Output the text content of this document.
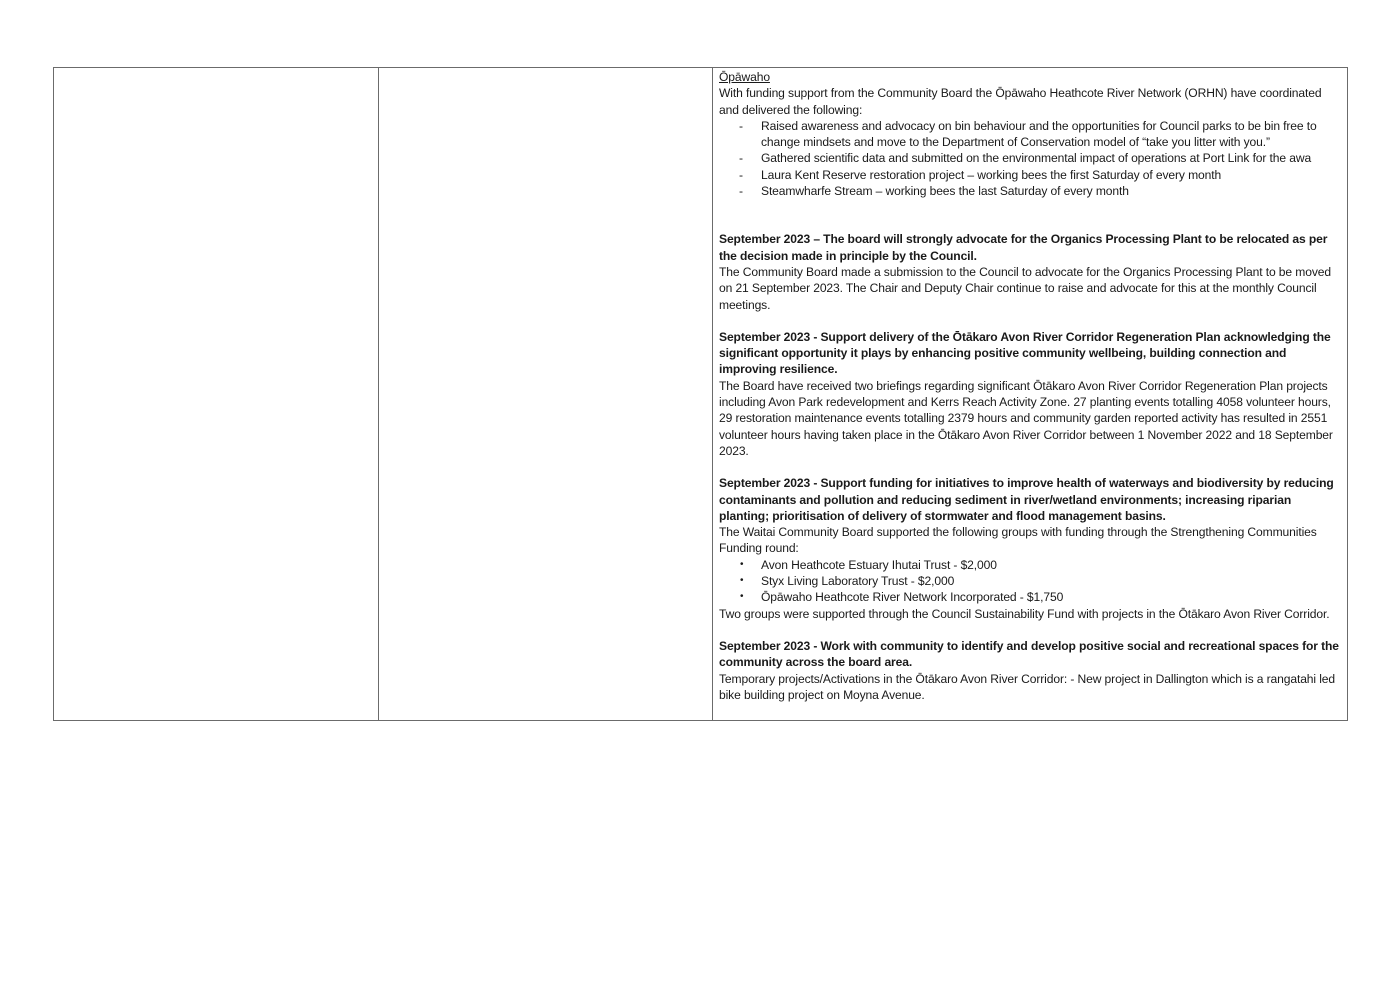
Ōpāwaho

With funding support from the Community Board the Ōpāwaho Heathcote River Network (ORHN) have coordinated and delivered the following:

-	Raised awareness and advocacy on bin behaviour and the opportunities for Council parks to be bin free to change mindsets and move to the Department of Conservation model of “take you litter with you.”
-	Gathered scientific data and submitted on the environmental impact of operations at Port Link for the awa
-	Laura Kent Reserve restoration project – working bees the first Saturday of every month
-	Steamwharfe Stream – working bees the last Saturday of every month

September 2023 – The board will strongly advocate for the Organics Processing Plant to be relocated as per the decision made in principle by the Council.

The Community Board made a submission to the Council to advocate for the Organics Processing Plant to be moved on 21 September 2023. The Chair and Deputy Chair continue to raise and advocate for this at the monthly Council meetings.

September 2023 - Support delivery of the Ōtākaro Avon River Corridor Regeneration Plan acknowledging the significant opportunity it plays by enhancing positive community wellbeing, building connection and improving resilience.

The Board have received two briefings regarding significant Ōtākaro Avon River Corridor Regeneration Plan projects including Avon Park redevelopment and Kerrs Reach Activity Zone. 27 planting events totalling 4058 volunteer hours, 29 restoration maintenance events totalling 2379 hours and community garden reported activity has resulted in 2551 volunteer hours having taken place in the Ōtākaro Avon River Corridor between 1 November 2022 and 18 September 2023.

September 2023 - Support funding for initiatives to improve health of waterways and biodiversity by reducing contaminants and pollution and reducing sediment in river/wetland environments; increasing riparian planting; prioritisation of delivery of stormwater and flood management basins.

The Waitai Community Board supported the following groups with funding through the Strengthening Communities Funding round:

•	Avon Heathcote Estuary Ihutai Trust - $2,000
•	Styx Living Laboratory Trust - $2,000
•	Ōpāwaho Heathcote River Network Incorporated - $1,750

Two groups were supported through the Council Sustainability Fund with projects in the Ōtākaro Avon River Corridor.

September 2023 - Work with community to identify and develop positive social and recreational spaces for the community across the board area.

Temporary projects/Activations in the Ōtākaro Avon River Corridor: - New project in Dallington which is a rangatahi led bike building project on Moyna Avenue.
